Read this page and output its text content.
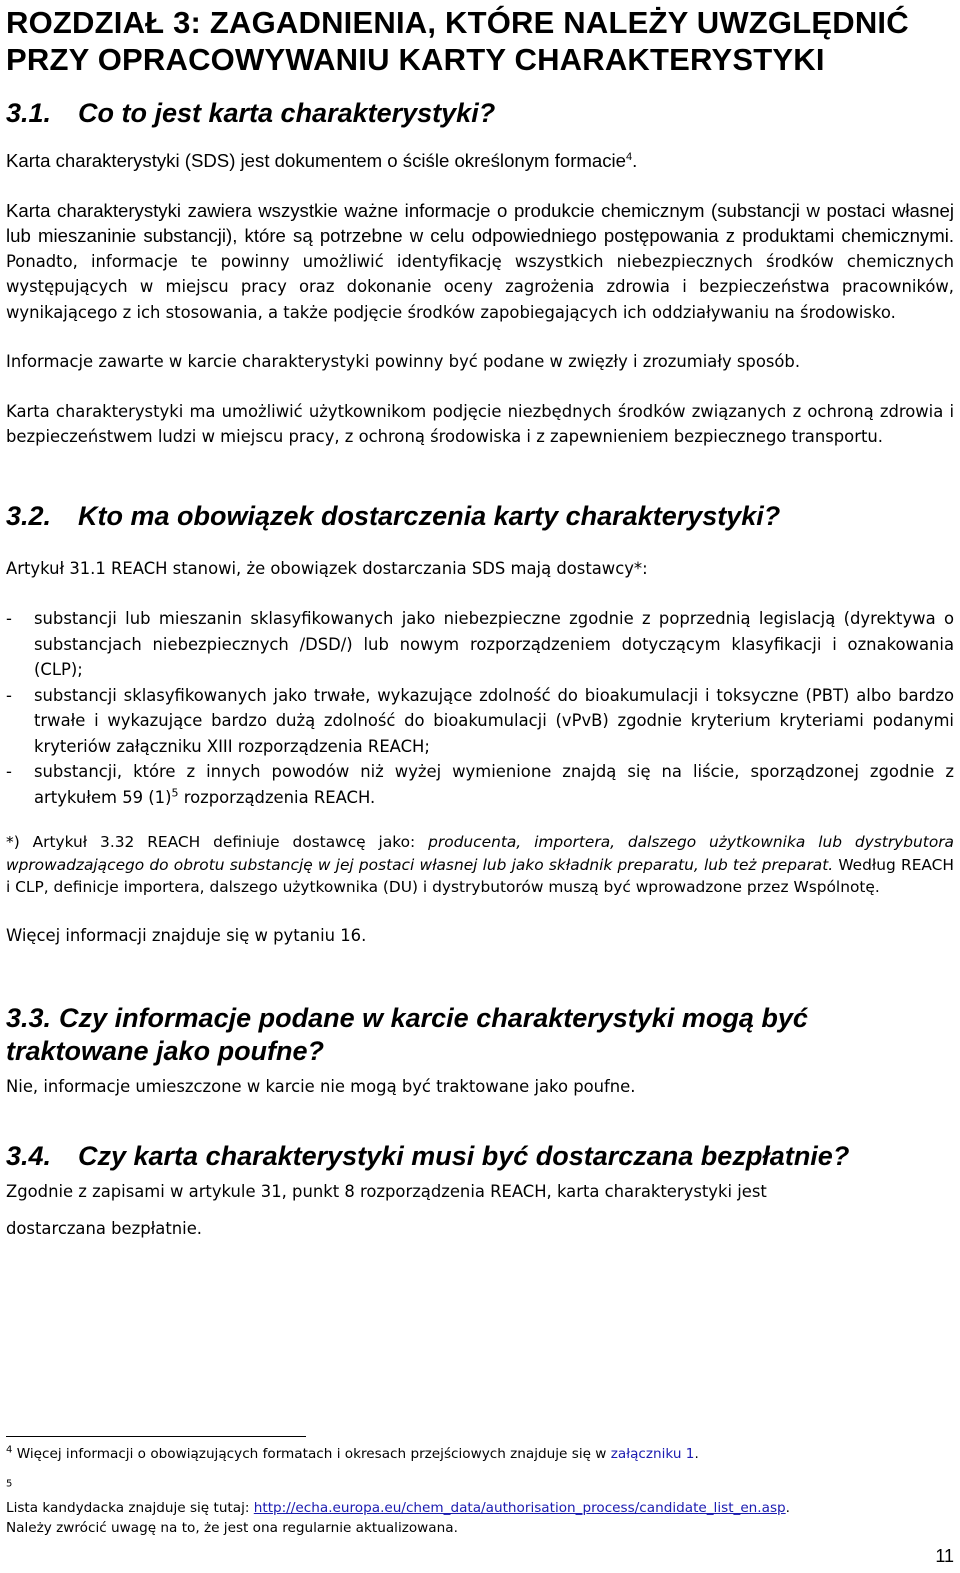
ROZDZIAŁ 3: ZAGADNIENIA, KTÓRE NALEŻY UWZGLĘDNIĆ PRZY OPRACOWYWANIU KARTY CHARAKTERYSTYKI
3.1. Co to jest karta charakterystyki?

Karta charakterystyki (SDS) jest dokumentem o ściśle określonym formacie$^4$.

Karta charakterystyki zawiera wszystkie ważne informacje o produkcie chemicznym (substancji w postaci własnej lub mieszaninie substancji), które są potrzebne w celu odpowiedniego postępowania z produktami chemicznymi. Ponadto, informacje te powinny umożliwić identyfikację wszystkich niebezpiecznych środków chemicznych występujących w miejscu pracy oraz dokonanie oceny zagrożenia zdrowia i bezpieczeństwa pracowników, wynikającego z ich stosowania, a także podjęcie środków zapobiegających ich oddziaływaniu na środowisko.

Informacje zawarte w karcie charakterystyki powinny być podane w zwięzły i zrozumiały sposób.

Karta charakterystyki ma umożliwić użytkownikom podjęcie niezbędnych środków związanych z ochroną zdrowia i bezpieczeństwem ludzi w miejscu pracy, z ochroną środowiska i z zapewnieniem bezpiecznego transportu.

3.2. Kto ma obowiązek dostarczenia karty charakterystyki?

Artykuł 31.1 REACH stanowi, że obowiązek dostarczania SDS mają dostawcy*:

- substancji lub mieszanin sklasyfikowanych jako niebezpieczne zgodnie z poprzednią legislacją (dyrektywa o substancjach niebezpiecznych /DSD/) lub nowym rozporządzeniem dotyczącym klasyfikacji i oznakowania (CLP);
- substancji sklasyfikowanych jako trwałe, wykazujące zdolność do bioakumulacji i toksyczne (PBT) albo bardzo trwałe i wykazujące bardzo dużą zdolność do bioakumulacji (vPvB) zgodnie kryterium kryteriami podanymi kryteriów załączniku XIII rozporządzenia REACH;
- substancji, które z innych powodów niż wyżej wymienione znajdą się na liście, sporządzonej zgodnie z artykułem 59 $(1)^5$ rozporządzenia REACH.

*) Artykuł 3.32 REACH definiuje dostawcę jako: producenta, importera, dalszego użytkownika lub dystrybutora wprowadzającego do obrotu substancję w jej postaci własnej lub jako składnik preparatu, lub też preparat. Według REACH i CLP, definicje importera, dalszego użytkownika (DU) i dystrybutorów muszą być wprowadzone przez Wspólnotę.

Więcej informacji znajduje się w pytaniu 16.

3.3. Czy informacje podane w karcie charakterystyki mogą być traktowane jako poufne?

Nie, informacje umieszczone w karcie nie mogą być traktowane jako poufne.

3.4. Czy karta charakterystyki musi być dostarczana bezpłatnie?

Zgodnie z zapisami w artykule 31, punkt 8 rozporządzenia REACH, karta charakterystyki jest

dostarczana bezpłatnie.

$^4$ Więcej informacji o obowiązujących formatach i okresach przejściowych znajduje się w załączniku 1.
$^5$
Lista kandydacka znajduje się tutaj: http://echa.europa.eu/chem_data/authorisation_process/candidate_list_en.asp.
Należy zwrócić uwagę na to, że jest ona regularnie aktualizowana.
11
